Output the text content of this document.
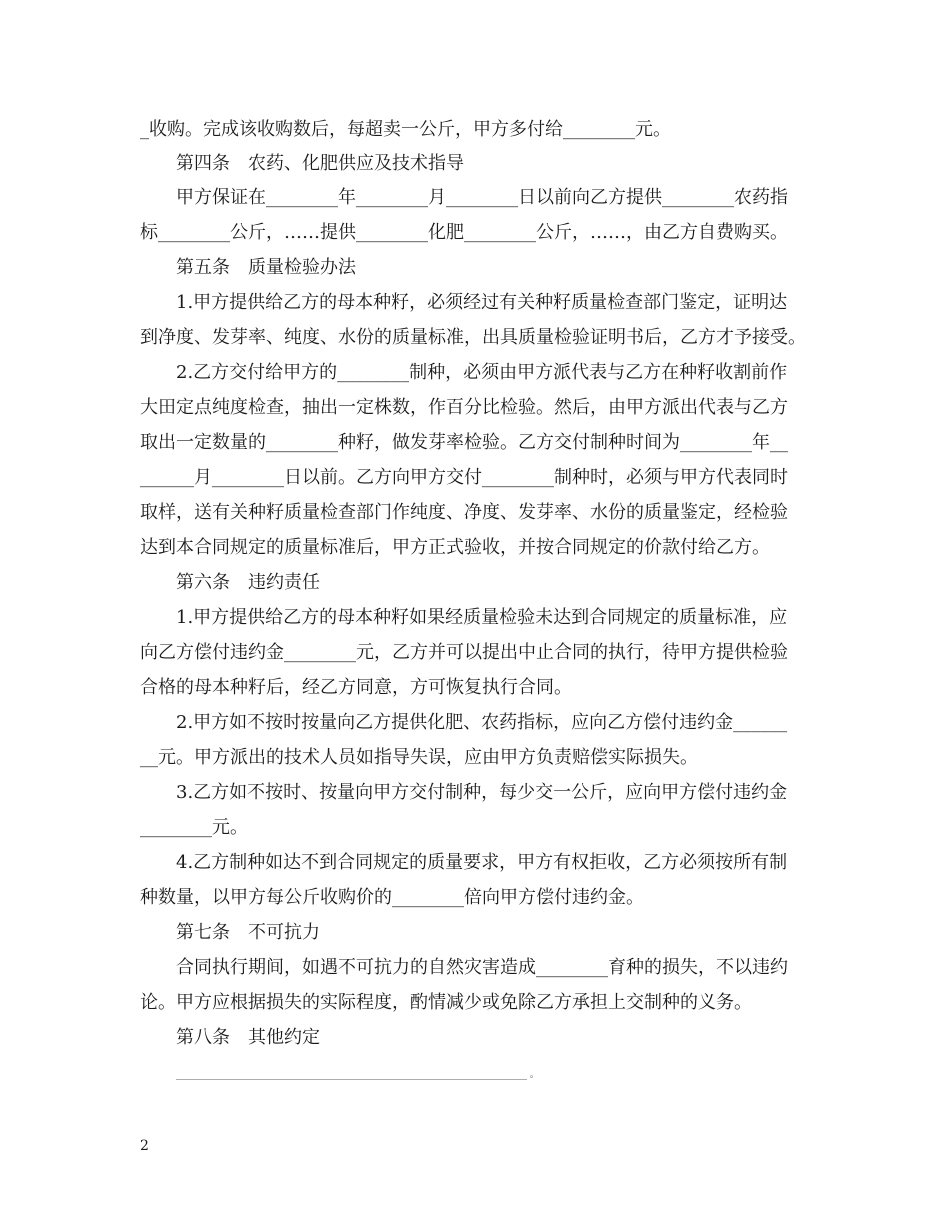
_收购。完成该收购数后，每超卖一公斤，甲方多付给________元。
第四条　农药、化肥供应及技术指导
甲方保证在________年________月________日以前向乙方提供________农药指
标________公斤，……提供________化肥________公斤，……，由乙方自费购买。
第五条　质量检验办法
1.甲方提供给乙方的母本种籽，必须经过有关种籽质量检查部门鉴定，证明达
到净度、发芽率、纯度、水份的质量标准，出具质量检验证明书后，乙方才予接受。
2.乙方交付给甲方的________制种，必须由甲方派代表与乙方在种籽收割前作
大田定点纯度检查，抽出一定株数，作百分比检验。然后，由甲方派出代表与乙方
取出一定数量的________种籽，做发芽率检验。乙方交付制种时间为________年__
______月________日以前。乙方向甲方交付________制种时，必须与甲方代表同时
取样，送有关种籽质量检查部门作纯度、净度、发芽率、水份的质量鉴定，经检验
达到本合同规定的质量标准后，甲方正式验收，并按合同规定的价款付给乙方。
第六条　违约责任
1.甲方提供给乙方的母本种籽如果经质量检验未达到合同规定的质量标准，应
向乙方偿付违约金________元，乙方并可以提出中止合同的执行，待甲方提供检验
合格的母本种籽后，经乙方同意，方可恢复执行合同。
2.甲方如不按时按量向乙方提供化肥、农药指标，应向乙方偿付违约金______
__元。甲方派出的技术人员如指导失误，应由甲方负责赔偿实际损失。
3.乙方如不按时、按量向甲方交付制种，每少交一公斤，应向甲方偿付违约金
________元。
4.乙方制种如达不到合同规定的质量要求，甲方有权拒收，乙方必须按所有制
种数量，以甲方每公斤收购价的________倍向甲方偿付违约金。
第七条　不可抗力
合同执行期间，如遇不可抗力的自然灾害造成________育种的损失，不以违约
论。甲方应根据损失的实际程度，酌情减少或免除乙方承担上交制种的义务。
第八条　其他约定
______________________________________________________________________________ 。
2
